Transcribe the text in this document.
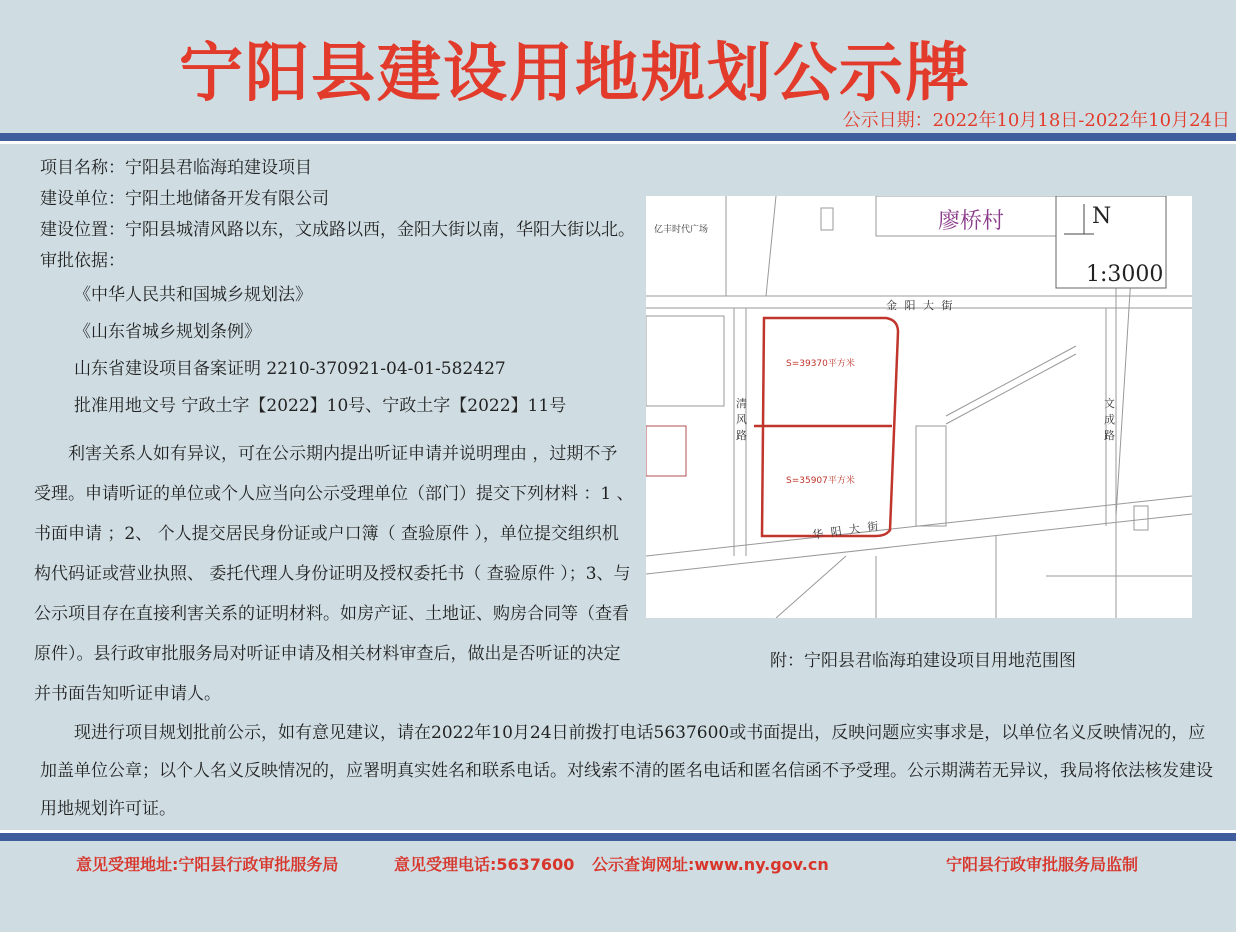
宁阳县建设用地规划公示牌
公示日期：2022年10月18日-2022年10月24日
项目名称：宁阳县君临海珀建设项目
建设单位：宁阳土地储备开发有限公司
建设位置：宁阳县城清风路以东，文成路以西，金阳大街以南，华阳大街以北。
审批依据：
《中华人民共和国城乡规划法》
《山东省城乡规划条例》
山东省建设项目备案证明 2210-370921-04-01-582427
批准用地文号 宁政土字【2022】10号、宁政土字【2022】11号
利害关系人如有异议，可在公示期内提出听证申请并说明理由 ，过期不予受理。申请听证的单位或个人应当向公示受理单位（部门）提交下列材料 ：1 、书面申请 ；2、 个人提交居民身份证或户口簿（ 查验原件 ），单位提交组织机构代码证或营业执照、 委托代理人身份证明及授权委托书（ 查验原件 ）；3、与公示项目存在直接利害关系的证明材料。如房产证、土地证、购房合同等（查看原件）。县行政审批服务局对听证申请及相关材料审查后，做出是否听证的决定并书面告知听证申请人。
廖桥村	N
1:3000
亿丰时代广场
金 阳 大 街
华 阳 大 街
清风路
文成路
S=39370平方米
S=35907平方米
附：宁阳县君临海珀建设项目用地范围图
现进行项目规划批前公示，如有意见建议，请在2022年10月24日前拨打电话5637600或书面提出，反映问题应实事求是，以单位名义反映情况的，应加盖单位公章；以个人名义反映情况的，应署明真实姓名和联系电话。对线索不清的匿名电话和匿名信函不予受理。公示期满若无异议，我局将依法核发建设用地规划许可证。
意见受理地址:宁阳县行政审批服务局	意见受理电话:5637600 公示查询网址:www.ny.gov.cn	宁阳县行政审批服务局监制
